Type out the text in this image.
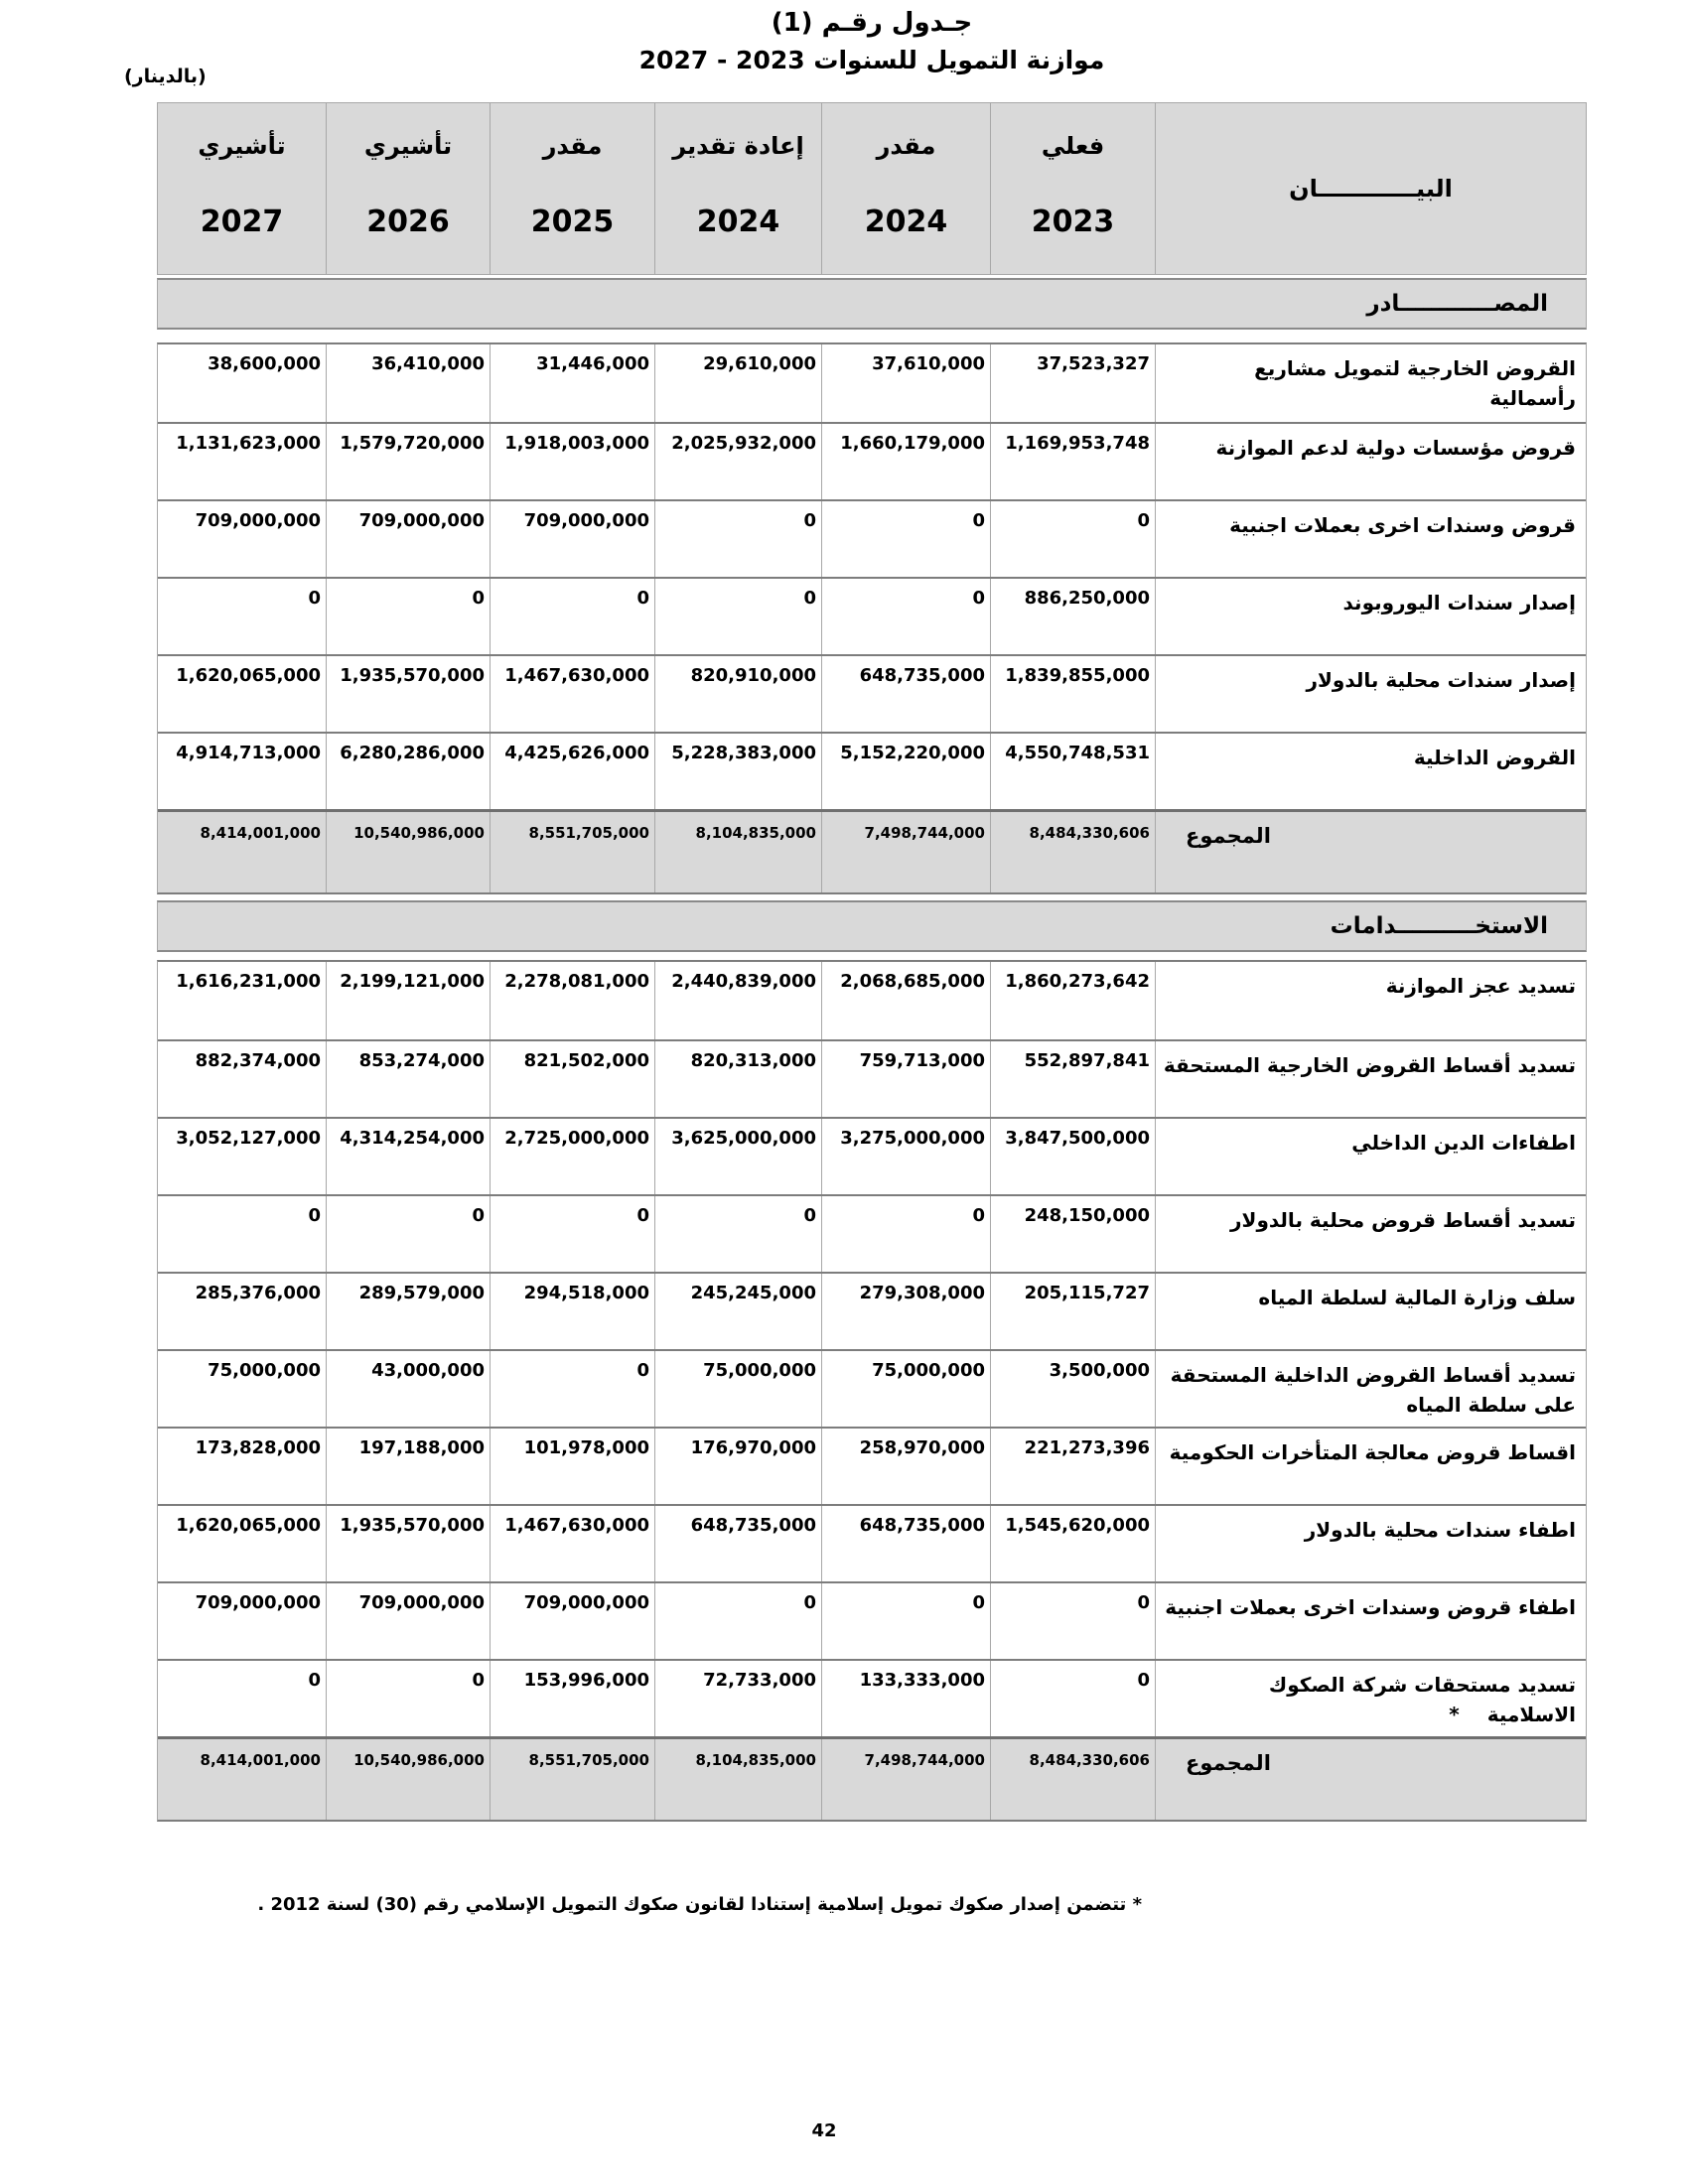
جـدول رقـم (1)
موازنة التمويل للسنوات 2023 - 2027
(بالدينار)
البيــــــــــــان
فعلي
2023
مقدر
2024
إعادة تقدير
2024
مقدر
2025
تأشيري
2026
تأشيري
2027
المصــــــــــــادر
القروض الخارجية لتمويل مشاريع رأسمالية
37,523,327
37,610,000
29,610,000
31,446,000
36,410,000
38,600,000
قروض مؤسسات دولية لدعم الموازنة
1,169,953,748
1,660,179,000
2,025,932,000
1,918,003,000
1,579,720,000
1,131,623,000
قروض وسندات اخرى بعملات اجنبية
0
0
0
709,000,000
709,000,000
709,000,000
إصدار سندات اليوروبوند
886,250,000
0
0
0
0
0
إصدار سندات محلية بالدولار
1,839,855,000
648,735,000
820,910,000
1,467,630,000
1,935,570,000
1,620,065,000
القروض الداخلية
4,550,748,531
5,152,220,000
5,228,383,000
4,425,626,000
6,280,286,000
4,914,713,000
المجموع
8,484,330,606
7,498,744,000
8,104,835,000
8,551,705,000
10,540,986,000
8,414,001,000
الاستخــــــــــدامات
تسديد عجز الموازنة
1,860,273,642
2,068,685,000
2,440,839,000
2,278,081,000
2,199,121,000
1,616,231,000
تسديد أقساط القروض الخارجية المستحقة
552,897,841
759,713,000
820,313,000
821,502,000
853,274,000
882,374,000
اطفاءات الدين الداخلي
3,847,500,000
3,275,000,000
3,625,000,000
2,725,000,000
4,314,254,000
3,052,127,000
تسديد أقساط قروض محلية بالدولار
248,150,000
0
0
0
0
0
سلف وزارة المالية لسلطة المياه
205,115,727
279,308,000
245,245,000
294,518,000
289,579,000
285,376,000
تسديد أقساط القروض الداخلية المستحقة على سلطة المياه
3,500,000
75,000,000
75,000,000
0
43,000,000
75,000,000
اقساط قروض معالجة المتأخرات الحكومية
221,273,396
258,970,000
176,970,000
101,978,000
197,188,000
173,828,000
اطفاء سندات محلية بالدولار
1,545,620,000
648,735,000
648,735,000
1,467,630,000
1,935,570,000
1,620,065,000
اطفاء قروض وسندات اخرى بعملات اجنبية
0
0
0
709,000,000
709,000,000
709,000,000
تسديد مستحقات شركة الصكوك الاسلامية*
0
133,333,000
72,733,000
153,996,000
0
0
المجموع
8,484,330,606
7,498,744,000
8,104,835,000
8,551,705,000
10,540,986,000
8,414,001,000
* تتضمن إصدار صكوك تمويل إسلامية إستنادا لقانون صكوك التمويل الإسلامي رقم (30) لسنة 2012 .
42
